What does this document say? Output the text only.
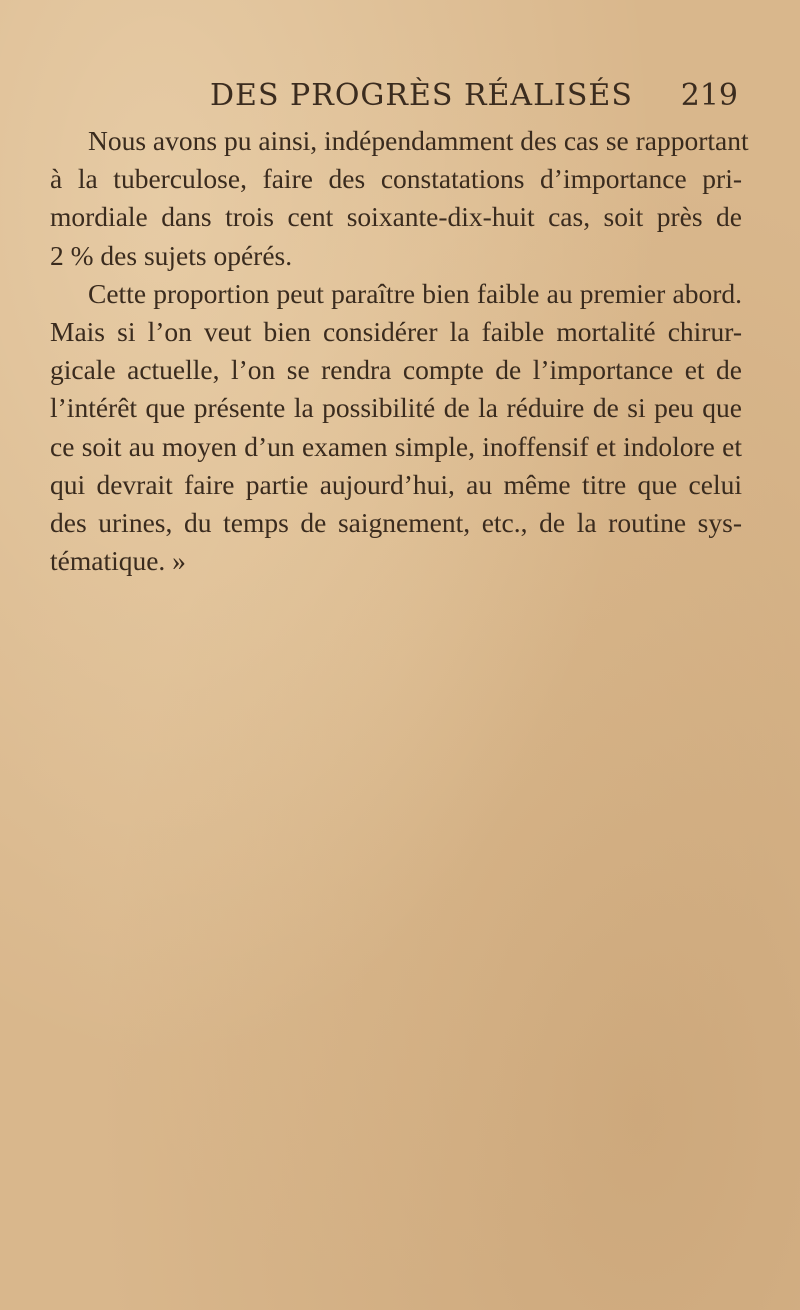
DES PROGRÈS RÉALISÉS 219
Nous avons pu ainsi, indépendamment des cas se rapportant
à la tuberculose, faire des constatations d’importance pri-
mordiale dans trois cent soixante-dix-huit cas, soit près de
2 % des sujets opérés.
Cette proportion peut paraître bien faible au premier abord.
Mais si l’on veut bien considérer la faible mortalité chirur-
gicale actuelle, l’on se rendra compte de l’importance et de
l’intérêt que présente la possibilité de la réduire de si peu que
ce soit au moyen d’un examen simple, inoffensif et indolore et
qui devrait faire partie aujourd’hui, au même titre que celui
des urines, du temps de saignement, etc., de la routine sys-
tématique. »
